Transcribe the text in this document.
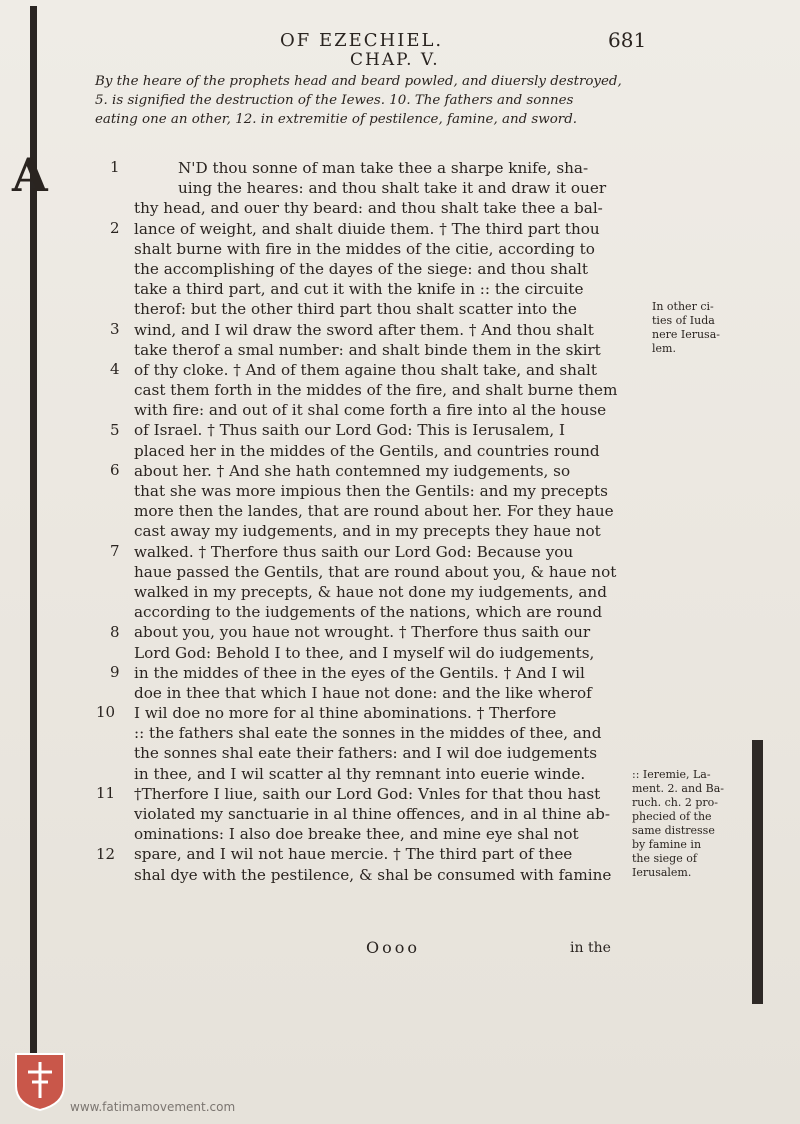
OF EZECHIEL.	681
CHAP. V.
By the heare of the prophets head and beard powled, and diuersly destroyed,
5. is signified the destruction of the Iewes. 10. The fathers and sonnes
eating one an other, 12. in extremitie of pestilence, famine, and sword.
A	N'D thou sonne of man take thee a sharpe knife, sha-
uing the heares: and thou shalt take it and draw it ouer
thy head, and ouer thy beard: and thou shalt take thee a bal-
lance of weight, and shalt diuide them. † The third part thou
shalt burne with fire in the middes of the citie, according to
the accomplishing of the dayes of the siege: and thou shalt
take a third part, and cut it with the knife in :: the circuite
therof: but the other third part thou shalt scatter into the
wind, and I wil draw the sword after them. † And thou shalt
take therof a smal number: and shalt binde them in the skirt
of thy cloke. † And of them againe thou shalt take, and shalt
cast them forth in the middes of the fire, and shalt burne them
with fire: and out of it shal come forth a fire into al the house
of Israel. † Thus saith our Lord God: This is Ierusalem, I
placed her in the middes of the Gentils, and countries round
about her. † And she hath contemned my iudgements, so
that she was more impious then the Gentils: and my precepts
more then the landes, that are round about her. For they haue
cast away my iudgements, and in my precepts they haue not
walked. † Therfore thus saith our Lord God: Because you
haue passed the Gentils, that are round about you, & haue not
walked in my precepts, & haue not done my iudgements, and
according to the iudgements of the nations, which are round
about you, you haue not wrought. † Therfore thus saith our
Lord God: Behold I to thee, and I myself wil do iudgements,
in the middes of thee in the eyes of the Gentils. † And I wil
doe in thee that which I haue not done: and the like wherof
I wil doe no more for al thine abominations. † Therfore
:: the fathers shal eate the sonnes in the middes of thee, and
the sonnes shal eate their fathers: and I wil doe iudgements
in thee, and I wil scatter al thy remnant into euerie winde.
†Therfore I liue, saith our Lord God: Vnles for that thou hast
violated my sanctuarie in al thine offences, and in al thine ab-
ominations: I also doe breake thee, and mine eye shal not
spare, and I wil not haue mercie. † The third part of thee
shal dye with the pestilence, & shal be consumed with famine
1
2
3
4
5
6
7
8
9
10
11
12
In other ci-
ties of Iuda
nere Ierusa-
lem.
:: Ieremie, La-
ment. 2. and Ba-
ruch. ch. 2 pro-
phecied of the
same distresse
by famine in
the siege of
Ierusalem.
Oooo	in the
www.fatimamovement.com
